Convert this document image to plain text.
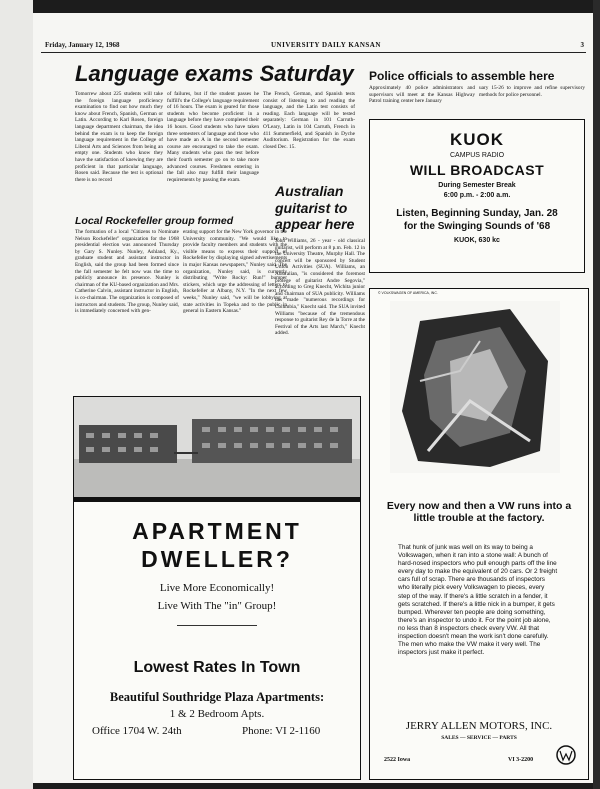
Friday, January 12, 1968	UNIVERSITY DAILY KANSAN	3
Language exams Saturday
Tomorrew about 225 students will take the foreign language proficiency examination to find out how much they know about French, Spanish, German or Latin. According to Karl Rosen, foreign language department chairman, the idea behind the exam is to keep the foreign language requirement in the College of Liberal Arts and Sciences from being an empty one. Students who know they have the satisfaction of knewing they are proficient in that particular language, Rosen said. Because the test is optional there is no record
of failures, but if the student passes he fulfill's the College's language requirement of 16 hours. The exam is geared for those students who become proficient in a language before they have completed their 16 hours. Good students who have taken three semesters of language and those who have made an A in the second semester course are encouraged to take the exam. Many students who pass the test before their fourth semester go on to take more advanced courses. Freshmen entering in the fall also may fulfill their language requirements by passing the exam.
The French, German, and Spanish tests consist of listening to and reading the language, and the Latin test consists of reading. Each language will be tested separately: German in 101 Carruth-O'Leary, Latin in 104 Carruth, French in 411 Summerfield, and Spanish in Dyche Auditorium. Registration for the exam closed Dec. 15.
Police officials to assemble here
Approximately 40 police administrators and supervisors will meet at the Kansas Highway Patrol training center here January
uary 15-26 to improve and refine supervisory methods for police personnel.
KUOK
CAMPUS RADIO
WILL BROADCAST
During Semester Break
6:00 p.m. - 2:00 a.m.
Listen, Beginning Sunday, Jan. 28
for the Swinging Sounds of '68
KUOK, 630 kc
Local Rockefeller group formed
The formation of a local "Citizens to Nominate Nelson Rockefeller" organization for the 1968 presidential election was announced Thursday by Gary S. Nunley. Nunley, Ashland, Ky., graduate student and assistant instructor in English, said the group had been formed since the fall semester he felt now was the time to publicly announce its presence. Nunley is chairman of the KU-based organization and Mrs. Catherine Calvin, assistant instructor in English, is co-chairman. The organization is composed of instructors and students. The group, Nunley said, is immediately concerned with gen-
erating support for the New York governor in the University community. "We would like to provide faculty members and students with the visible means to express their support of Rockefeller by displaying signed advertisements in major Kansas newspapers," Nunley said. The organization, Nunley said, is currently distributing "Write Rocky: Run!" bumper stickers, which urge the addressing of letters to Rockefeller at Albany, N.Y. "In the next few weeks," Nunley said, "we will be lobbying at state activities in Topeka and to the public in general in Eastern Kansas."
Australian guitarist to appear here
John Williams, 26 - year - old classical guitarist, will perform at 8 p.m. Feb. 12 in the University Theatre, Murphy Hall. The concert will be sponsored by Student Union Activities (SUA). Williams, an Australian, "is considered the foremost protege of guitarist Andre Segovia," according to Greg Knecht, Wichita junior and chairman of SUA publicity. Williams has made "numerous recordings for Columbia," Knecht said. The SUA invited Williams "because of the tremendous response to guitarist Rey de la Torre at the Festival of the Arts last March," Knecht added.
APARTMENT DWELLER?
Live More Economically!
Live With The "in" Group!
Lowest Rates In Town
Beautiful Southridge Plaza Apartments:
1 & 2 Bedroom Apts.
Office 1704 W. 24th	Phone: VI 2-1160
© VOLKSWAGEN OF AMERICA, INC.
Every now and then a VW runs into a little trouble at the factory.
That hunk of junk was well on its way to being a Volkswagen, when it ran into a stone wall: A bunch of hard-nosed inspectors who pull enough parts off the line every day to make the equivalent of 20 cars. Or 2 freight cars full of scrap. There are thousands of inspectors who literally pick every Volkswagen to pieces, every step of the way. If there's a little scratch in a fender, it gets scratched. If there's a little nick in a bumper, it gets bumped. Wherever ten people are doing something, there's an inspector to undo it. For the point job alone, no less than 8 inspectors check every VW. All that inspection doesn't mean the work isn't done carefully. The men who make the VW make it very well. The inspectors just make it perfect.
JERRY ALLEN MOTORS, INC.
SALES — SERVICE — PARTS
2522 Iowa	VI 3-2200
